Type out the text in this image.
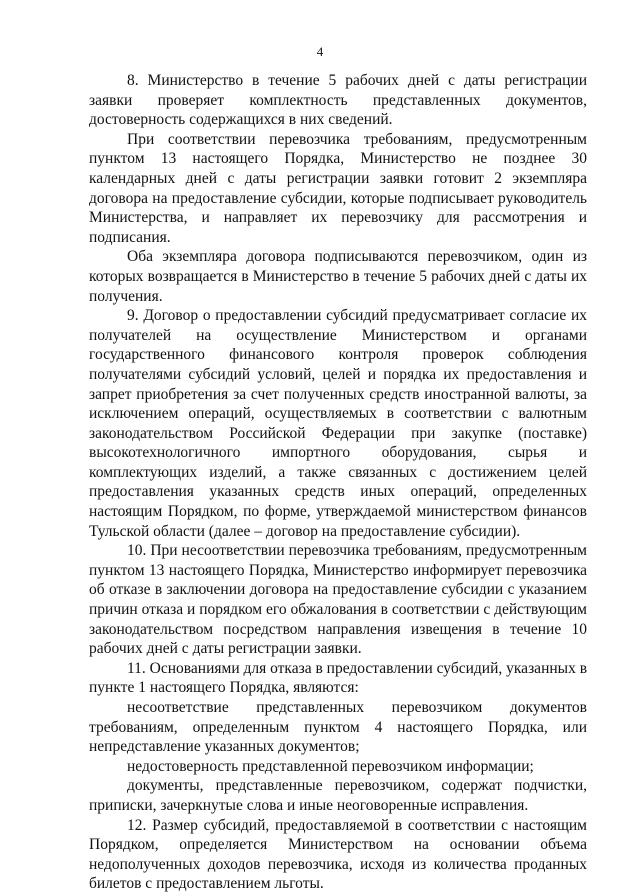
4

8. Министерство в течение 5 рабочих дней с даты регистрации заявки проверяет комплектность представленных документов, достоверность содержащихся в них сведений.

При соответствии перевозчика требованиям, предусмотренным пунктом 13 настоящего Порядка, Министерство не позднее 30 календарных дней с даты регистрации заявки готовит 2 экземпляра договора на предоставление субсидии, которые подписывает руководитель Министерства, и направляет их перевозчику для рассмотрения и подписания.

Оба экземпляра договора подписываются перевозчиком, один из которых возвращается в Министерство в течение 5 рабочих дней с даты их получения.

9. Договор о предоставлении субсидий предусматривает согласие их получателей на осуществление Министерством и органами государственного финансового контроля проверок соблюдения получателями субсидий условий, целей и порядка их предоставления и запрет приобретения за счет полученных средств иностранной валюты, за исключением операций, осуществляемых в соответствии с валютным законодательством Российской Федерации при закупке (поставке) высокотехнологичного импортного оборудования, сырья и комплектующих изделий, а также связанных с достижением целей предоставления указанных средств иных операций, определенных настоящим Порядком, по форме, утверждаемой министерством финансов Тульской области (далее – договор на предоставление субсидии).

10. При несоответствии перевозчика требованиям, предусмотренным пунктом 13 настоящего Порядка, Министерство информирует перевозчика об отказе в заключении договора на предоставление субсидии с указанием причин отказа и порядком его обжалования в соответствии с действующим законодательством посредством направления извещения в течение 10 рабочих дней с даты регистрации заявки.

11. Основаниями для отказа в предоставлении субсидий, указанных в пункте 1 настоящего Порядка, являются:

несоответствие представленных перевозчиком документов требованиям, определенным пунктом 4 настоящего Порядка, или непредставление указанных документов;

недостоверность представленной перевозчиком информации;

документы, представленные перевозчиком, содержат подчистки, приписки, зачеркнутые слова и иные неоговоренные исправления.

12. Размер субсидий, предоставляемой в соответствии с настоящим Порядком, определяется Министерством на основании объема недополученных доходов перевозчика, исходя из количества проданных билетов с предоставлением льготы.
